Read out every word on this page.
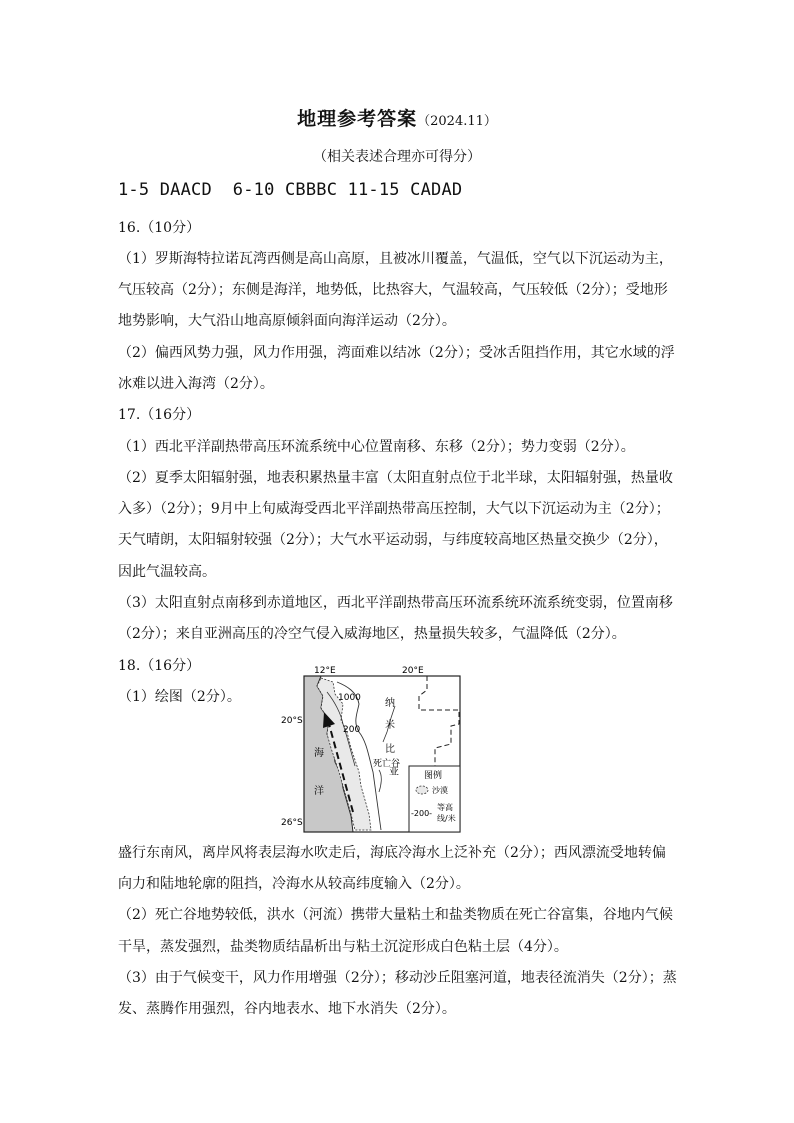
地理参考答案（2024.11）
（相关表述合理亦可得分）
1-5 DAACD  6-10 CBBBC 11-15 CADAD
16.（10分）
（1）罗斯海特拉诺瓦湾西侧是高山高原，且被冰川覆盖，气温低，空气以下沉运动为主，
气压较高（2分）；东侧是海洋，地势低，比热容大，气温较高，气压较低（2分）；受地形
地势影响，大气沿山地高原倾斜面向海洋运动（2分）。
（2）偏西风势力强，风力作用强，湾面难以结冰（2分）；受冰舌阻挡作用，其它水域的浮
冰难以进入海湾（2分）。
17.（16分）
（1）西北平洋副热带高压环流系统中心位置南移、东移（2分）；势力变弱（2分）。
（2）夏季太阳辐射强，地表积累热量丰富（太阳直射点位于北半球，太阳辐射强，热量收
入多）（2分）；9月中上旬威海受西北平洋副热带高压控制，大气以下沉运动为主（2分）；
天气晴朗，太阳辐射较强（2分）；大气水平运动弱，与纬度较高地区热量交换少（2分），
因此气温较高。
（3）太阳直射点南移到赤道地区，西北平洋副热带高压环流系统环流系统变弱，位置南移
（2分）；来自亚洲高压的冷空气侵入威海地区，热量损失较多，气温降低（2分）。
18.（16分）
（1）绘图（2分）。
12°E	20°E
20°S
26°S
1000
200
纳
米
比
亚
死亡谷
海
洋
图例
沙漠
-200-
等高
线/米
盛行东南风，离岸风将表层海水吹走后，海底冷海水上泛补充（2分）；西风漂流受地转偏
向力和陆地轮廓的阻挡，冷海水从较高纬度输入（2分）。
（2）死亡谷地势较低，洪水（河流）携带大量粘土和盐类物质在死亡谷富集，谷地内气候
干旱，蒸发强烈，盐类物质结晶析出与粘土沉淀形成白色粘土层（4分）。
（3）由于气候变干，风力作用增强（2分）；移动沙丘阻塞河道，地表径流消失（2分）；蒸
发、蒸腾作用强烈，谷内地表水、地下水消失（2分）。
